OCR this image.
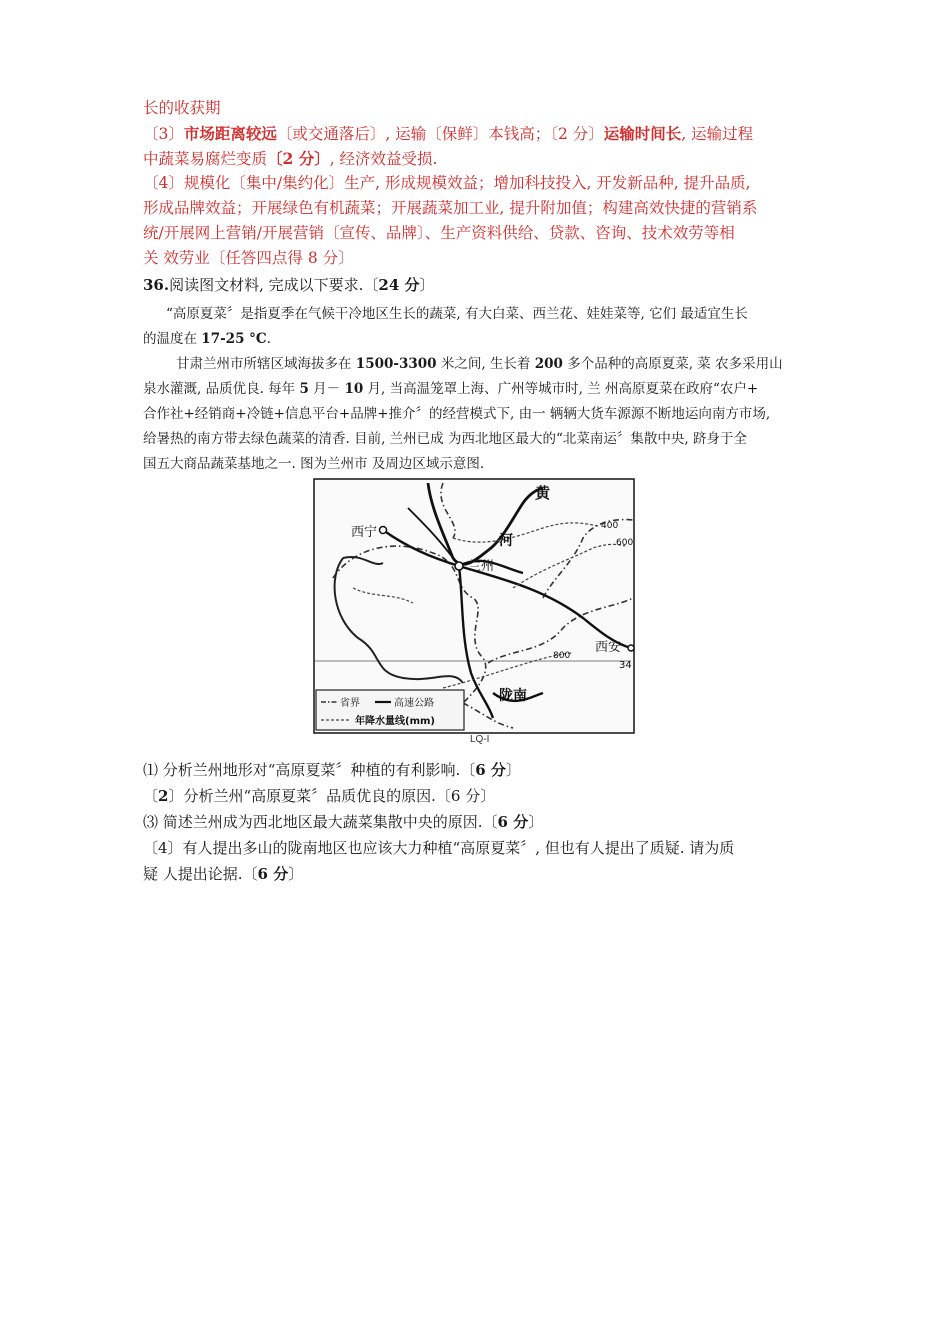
长的收获期
〔3〕市场距离较远〔或交通落后〕, 运输〔保鲜〕本钱高；〔2 分〕运输时间长, 运输过程
中蔬菜易腐烂变质〔2 分〕, 经济效益受损.
〔4〕规模化〔集中/集约化〕生产, 形成规模效益；增加科技投入, 开发新品种, 提升品质,
形成品牌效益；开展绿色有机蔬菜；开展蔬菜加工业, 提升附加值；构建高效快捷的营销系
统/开展网上营销/开展营销〔宣传、品牌〕、生产资料供给、贷款、咨询、技术效劳等相
关 效劳业〔任答四点得 8 分〕
36.阅读图文材料, 完成以下要求.〔24 分〕
“高原夏菜〞是指夏季在气候干冷地区生长的蔬菜, 有大白菜、西兰花、娃娃菜等, 它们 最适宜生长
的温度在 17-25 °C.
甘肃兰州市所辖区域海拔多在 1500-3300 米之间, 生长着 200 多个品种的高原夏菜, 菜 农多采用山
泉水灌溉, 品质优良. 每年 5 月－ 10 月, 当高温笼罩上海、广州等城市时, 兰 州高原夏菜在政府“农户+
合作社+经销商+冷链+信息平台+品牌+推介〞的经营模式下, 由一 辆辆大货车源源不断地运向南方市场,
给暑热的南方带去绿色蔬菜的清香. 目前, 兰州已成 为西北地区最大的“北菜南运〞集散中央, 跻身于全
国五大商品蔬菜基地之一. 图为兰州市 及周边区域示意图.
西宁
兰州
西安
陇南
黄
河
400
600
800
34
省界	高速公路
年降水量线(mm)
LQ-I
⑴ 分析兰州地形对“高原夏菜〞种植的有利影响.〔6 分〕
〔2〕分析兰州“高原夏菜〞品质优良的原因.〔6 分〕
⑶ 简述兰州成为西北地区最大蔬菜集散中央的原因.〔6 分〕
〔4〕有人提出多山的陇南地区也应该大力种植“高原夏菜〞, 但也有人提出了质疑. 请为质
疑 人提出论据.〔6 分〕
